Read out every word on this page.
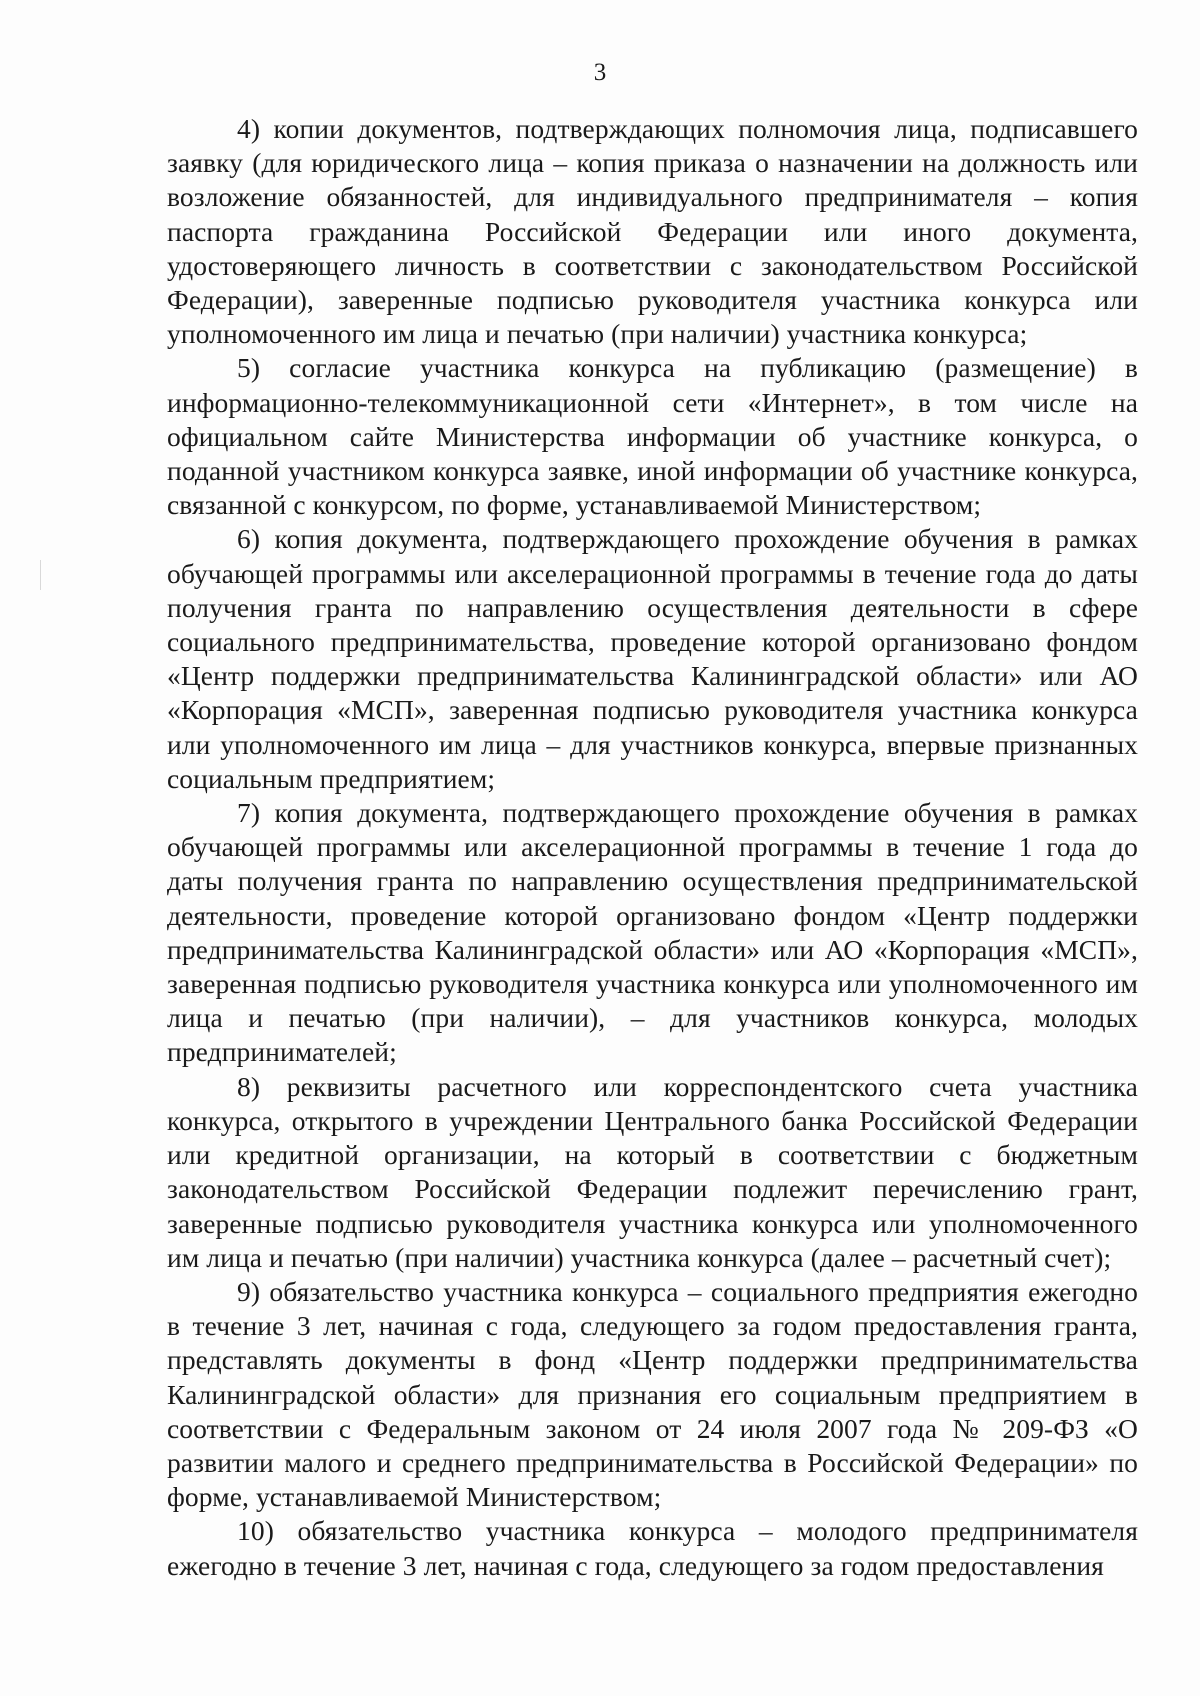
3

4) копии документов, подтверждающих полномочия лица, подписавшего заявку (для юридического лица – копия приказа о назначении на должность или возложение обязанностей, для индивидуального предпринимателя – копия паспорта гражданина Российской Федерации или иного документа, удостоверяющего личность в соответствии с законодательством Российской Федерации), заверенные подписью руководителя участника конкурса или уполномоченного им лица и печатью (при наличии) участника конкурса;

5) согласие участника конкурса на публикацию (размещение) в информационно-телекоммуникационной сети «Интернет», в том числе на официальном сайте Министерства информации об участнике конкурса, о поданной участником конкурса заявке, иной информации об участнике конкурса, связанной с конкурсом, по форме, устанавливаемой Министерством;

6) копия документа, подтверждающего прохождение обучения в рамках обучающей программы или акселерационной программы в течение года до даты получения гранта по направлению осуществления деятельности в сфере социального предпринимательства, проведение которой организовано фондом «Центр поддержки предпринимательства Калининградской области» или АО «Корпорация «МСП», заверенная подписью руководителя участника конкурса или уполномоченного им лица – для участников конкурса, впервые признанных социальным предприятием;

7) копия документа, подтверждающего прохождение обучения в рамках обучающей программы или акселерационной программы в течение 1 года до даты получения гранта по направлению осуществления предпринимательской деятельности, проведение которой организовано фондом «Центр поддержки предпринимательства Калининградской области» или АО «Корпорация «МСП», заверенная подписью руководителя участника конкурса или уполномоченного им лица и печатью (при наличии), – для участников конкурса, молодых предпринимателей;

8) реквизиты расчетного или корреспондентского счета участника конкурса, открытого в учреждении Центрального банка Российской Федерации или кредитной организации, на который в соответствии с бюджетным законодательством Российской Федерации подлежит перечислению грант, заверенные подписью руководителя участника конкурса или уполномоченного им лица и печатью (при наличии) участника конкурса (далее – расчетный счет);

9) обязательство участника конкурса – социального предприятия ежегодно в течение 3 лет, начиная с года, следующего за годом предоставления гранта, представлять документы в фонд «Центр поддержки предпринимательства Калининградской области» для признания его социальным предприятием в соответствии с Федеральным законом от 24 июля 2007 года № 209-ФЗ «О развитии малого и среднего предпринимательства в Российской Федерации» по форме, устанавливаемой Министерством;

10) обязательство участника конкурса – молодого предпринимателя ежегодно в течение 3 лет, начиная с года, следующего за годом предоставления
